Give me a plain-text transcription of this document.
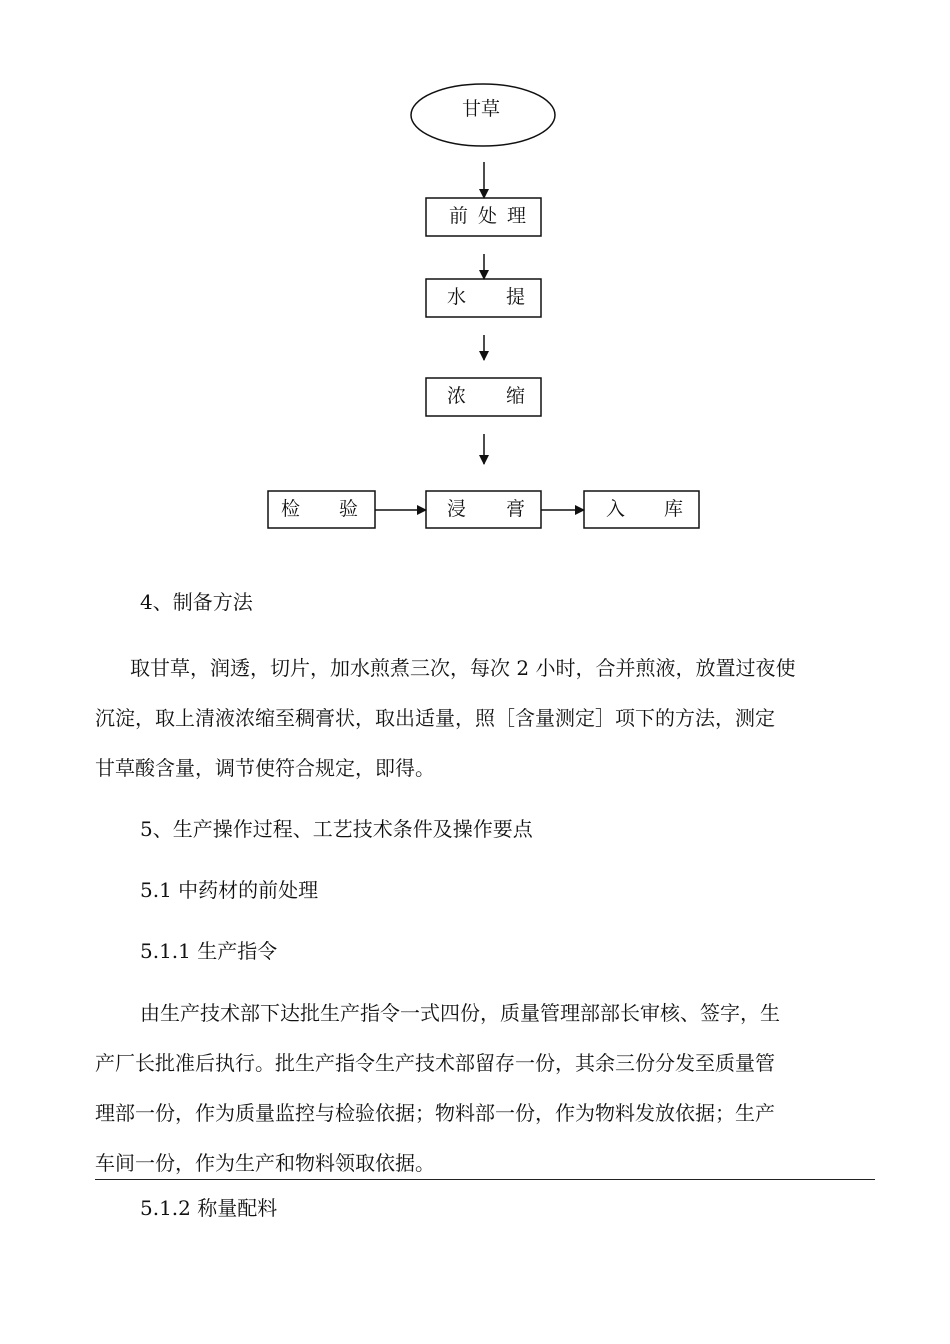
甘草
前处理
水 提
浓 缩
检 验	浸 膏	入 库
4、制备方法
取甘草，润透，切片，加水煎煮三次，每次 2 小时，合并煎液，放置过夜使
沉淀，取上清液浓缩至稠膏状，取出适量，照［含量测定］项下的方法，测定
甘草酸含量，调节使符合规定，即得。
5、生产操作过程、工艺技术条件及操作要点
5.1 中药材的前处理
5.1.1 生产指令
由生产技术部下达批生产指令一式四份，质量管理部部长审核、签字，生
产厂长批准后执行。批生产指令生产技术部留存一份，其余三份分发至质量管
理部一份，作为质量监控与检验依据；物料部一份，作为物料发放依据；生产
车间一份，作为生产和物料领取依据。
5.1.2 称量配料
